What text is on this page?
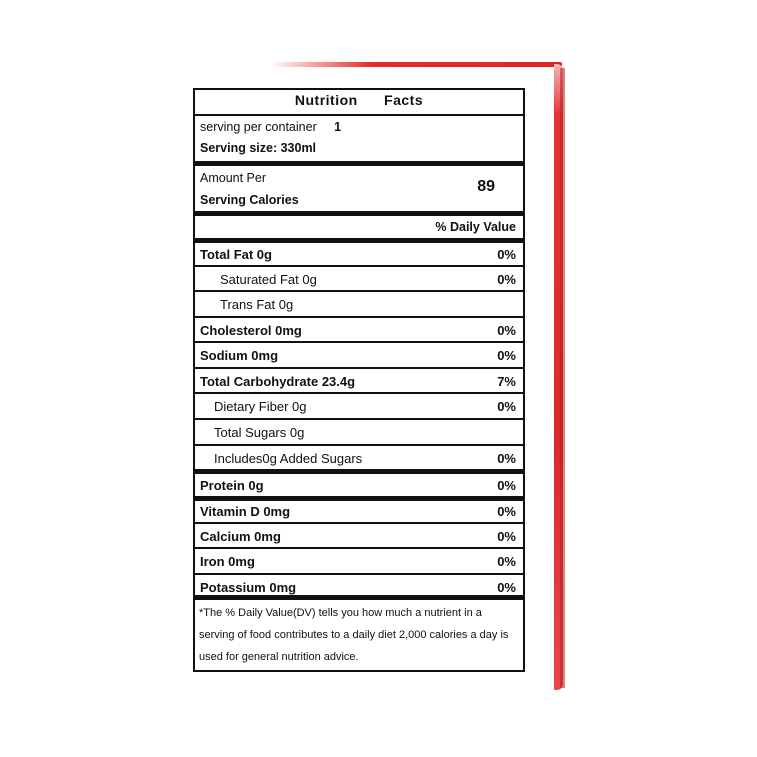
Nutrition Facts
serving per container 1
Serving size: 330ml
Amount Per
Serving Calories
89
% Daily Value
Total Fat 0g	0%
Saturated Fat 0g	0%
Trans Fat 0g
Cholesterol 0mg	0%
Sodium 0mg	0%
Total Carbohydrate 23.4g	7%
Dietary Fiber 0g	0%
Total Sugars 0g
Includes0g Added Sugars	0%
Protein 0g	0%
Vitamin D 0mg	0%
Calcium 0mg	0%
Iron 0mg	0%
Potassium 0mg	0%
*The % Daily Value(DV) tells you how much a nutrient in a serving of food contributes to a daily diet 2,000 calories a day is used for general nutrition advice.
